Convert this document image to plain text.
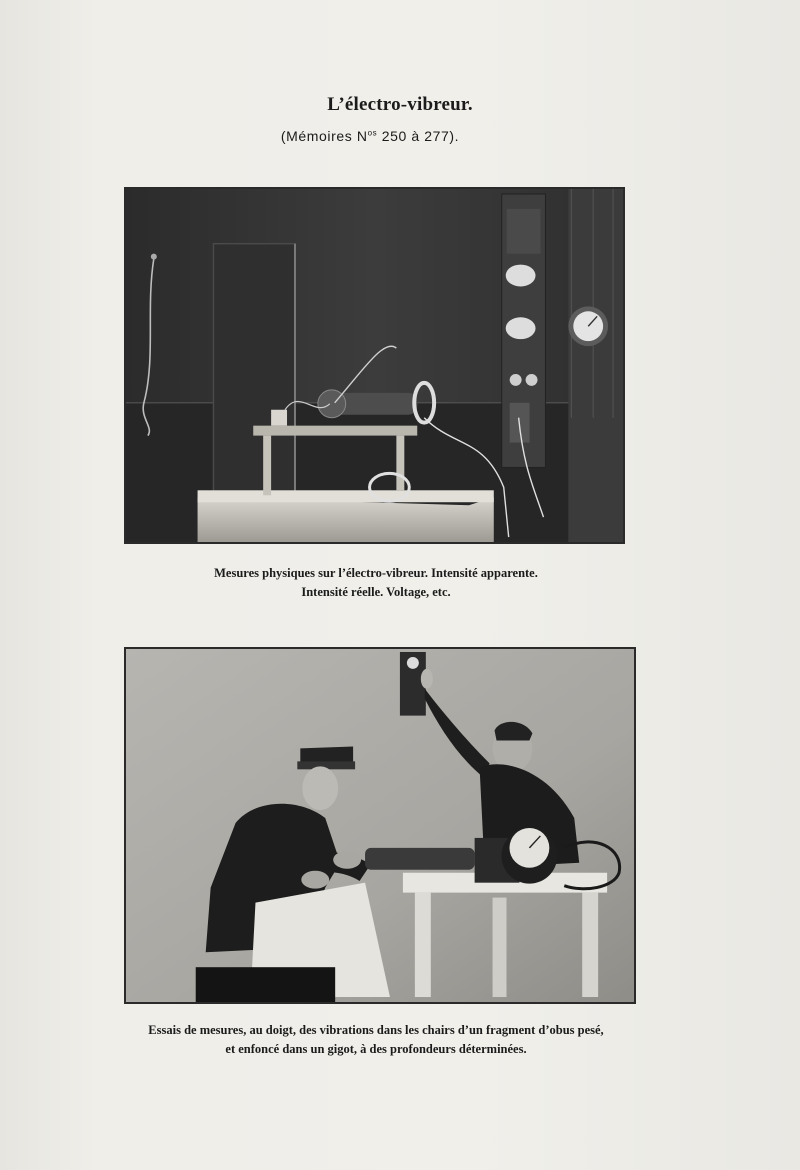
L’électro-vibreur.
(Mémoires $N^{os}$ 250 à 277).
Mesures physiques sur l’électro-vibreur. Intensité apparente.
Intensité réelle. Voltage, etc.
Essais de mesures, au doigt, des vibrations dans les chairs d’un fragment d’obus pesé,
et enfoncé dans un gigot, à des profondeurs déterminées.
